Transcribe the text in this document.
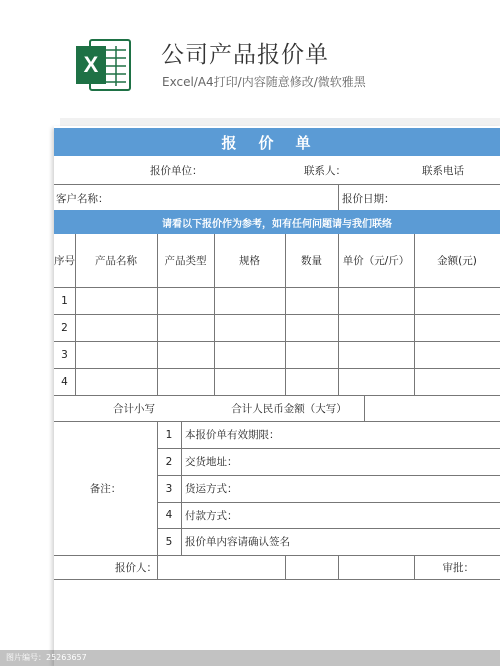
X	公司产品报价单
Excel/A4打印/内容随意修改/微软雅黑
报价单
报价单位：	联系人：	联系电话
客户名称：	报价日期：
请看以下报价作为参考，如有任何问题请与我们联络
序号	产品名称	产品类型	规格	数量	单价（元/斤）	金额(元)
1
2
3
4
合计小写	合计人民币金额（大写）
备注：
1	本报价单有效期限：
2	交货地址：
3	货运方式：
4	付款方式：
5	报价单内容请确认签名
报价人：	审批：
图片编号：25263657
